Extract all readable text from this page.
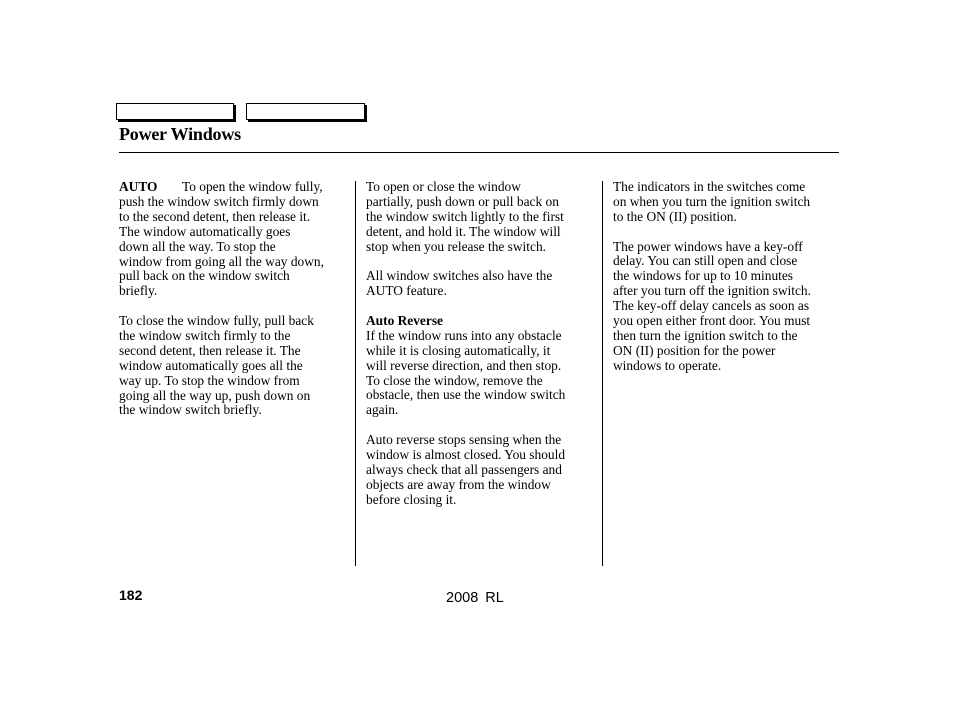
Power Windows

AUTO To open the window fully,
push the window switch firmly down
to the second detent, then release it.
The window automatically goes
down all the way. To stop the
window from going all the way down,
pull back on the window switch
briefly.

To close the window fully, pull back
the window switch firmly to the
second detent, then release it. The
window automatically goes all the
way up. To stop the window from
going all the way up, push down on
the window switch briefly.

To open or close the window
partially, push down or pull back on
the window switch lightly to the first
detent, and hold it. The window will
stop when you release the switch.

All window switches also have the
AUTO feature.

Auto Reverse
If the window runs into any obstacle
while it is closing automatically, it
will reverse direction, and then stop.
To close the window, remove the
obstacle, then use the window switch
again.

Auto reverse stops sensing when the
window is almost closed. You should
always check that all passengers and
objects are away from the window
before closing it.

The indicators in the switches come
on when you turn the ignition switch
to the ON (II) position.

The power windows have a key-off
delay. You can still open and close
the windows for up to 10 minutes
after you turn off the ignition switch.
The key-off delay cancels as soon as
you open either front door. You must
then turn the ignition switch to the
ON (II) position for the power
windows to operate.

182	2008 RL
